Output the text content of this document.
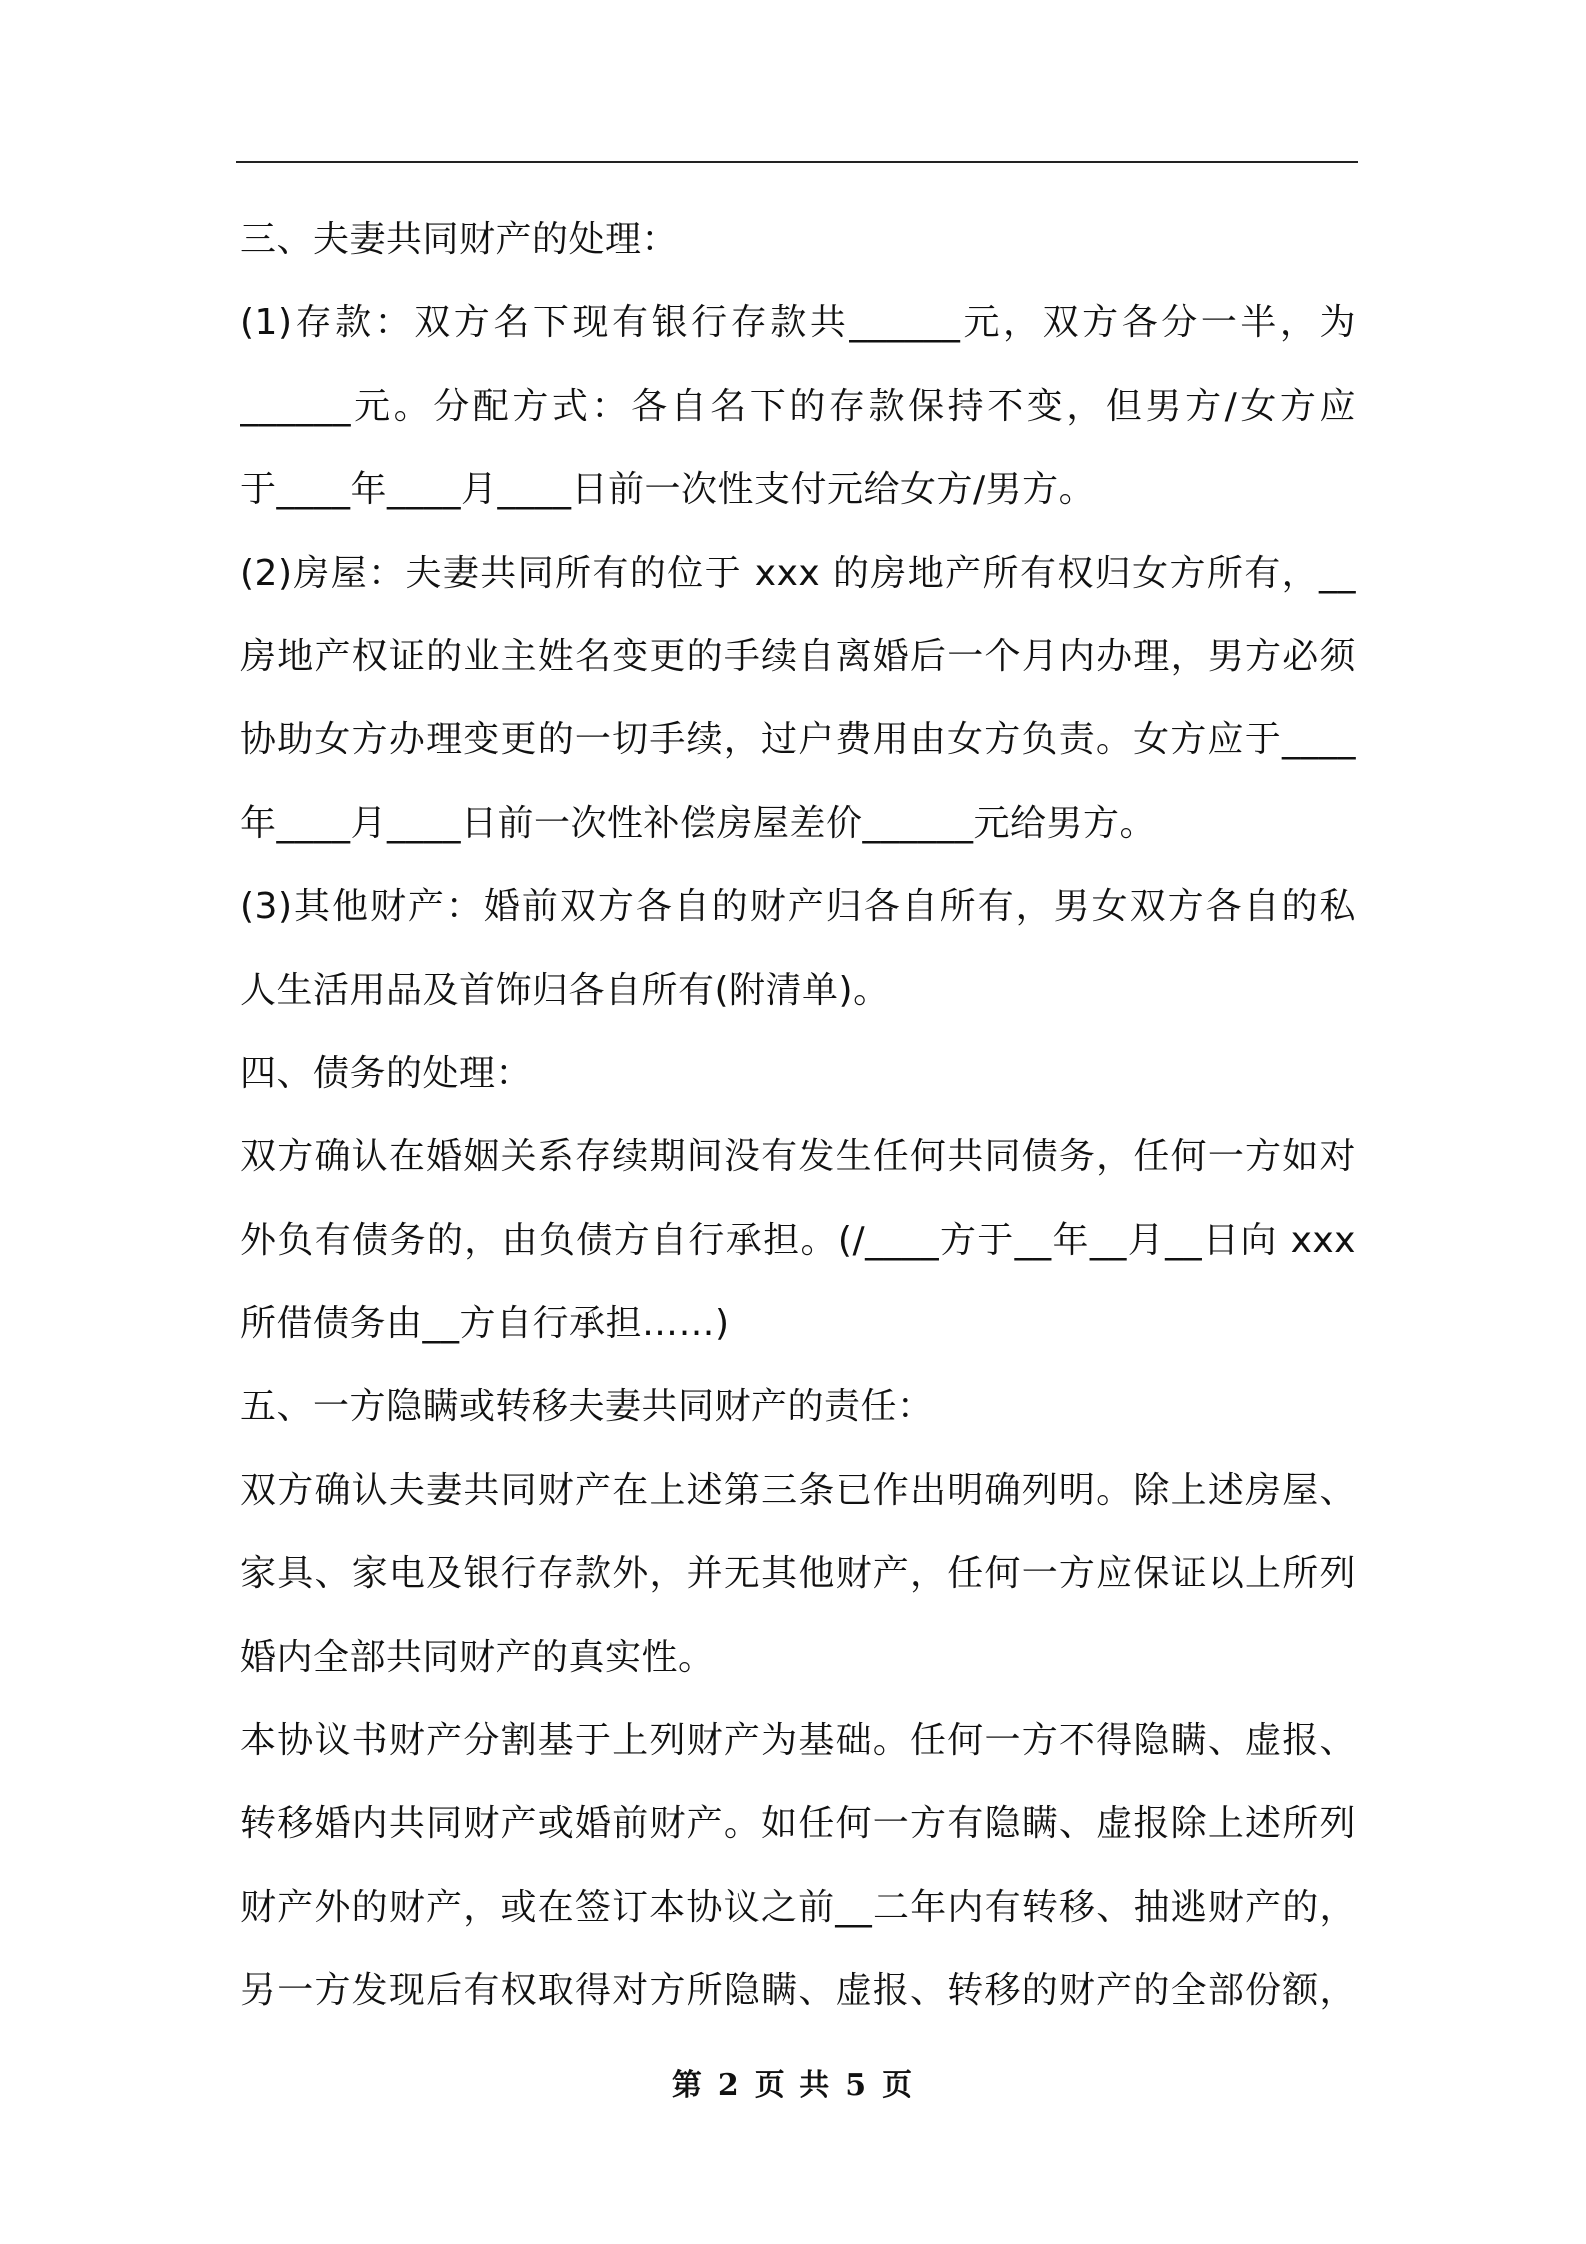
三、夫妻共同财产的处理：
(1)存款：双方名下现有银行存款共______元，双方各分一半，为
______元。分配方式：各自名下的存款保持不变，但男方/女方应
于____年____月____日前一次性支付元给女方/男方。
(2)房屋：夫妻共同所有的位于 xxx 的房地产所有权归女方所有，__
房地产权证的业主姓名变更的手续自离婚后一个月内办理，男方必须
协助女方办理变更的一切手续，过户费用由女方负责。女方应于____
年____月____日前一次性补偿房屋差价______元给男方。
(3)其他财产：婚前双方各自的财产归各自所有，男女双方各自的私
人生活用品及首饰归各自所有(附清单)。
四、债务的处理：
双方确认在婚姻关系存续期间没有发生任何共同债务，任何一方如对
外负有债务的，由负债方自行承担。(/____方于__年__月__日向 xxx
所借债务由__方自行承担……)
五、一方隐瞒或转移夫妻共同财产的责任：
双方确认夫妻共同财产在上述第三条已作出明确列明。除上述房屋、
家具、家电及银行存款外，并无其他财产，任何一方应保证以上所列
婚内全部共同财产的真实性。
本协议书财产分割基于上列财产为基础。任何一方不得隐瞒、虚报、
转移婚内共同财产或婚前财产。如任何一方有隐瞒、虚报除上述所列
财产外的财产，或在签订本协议之前__二年内有转移、抽逃财产的，
另一方发现后有权取得对方所隐瞒、虚报、转移的财产的全部份额，
第 2 页 共 5 页
